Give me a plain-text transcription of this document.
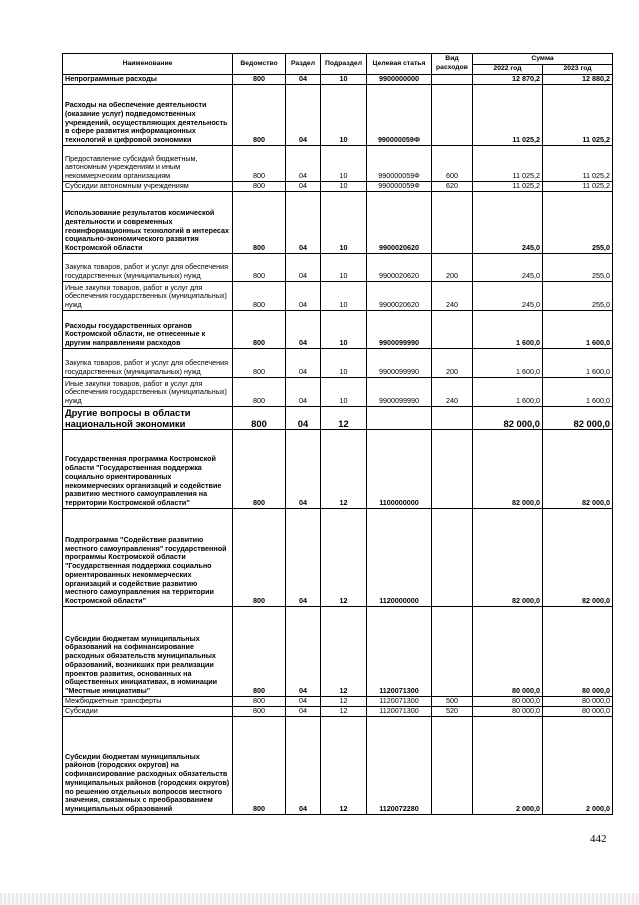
Наименование	Ведомство	Раздел	Подраздел	Целевая статья	Вид расходов	Сумма	
						2022 год	2023 год
Непрограммные расходы	800	04	10	9900000000		12 870,2	12 880,2
Расходы на обеспечение деятельности (оказание услуг) подведомственных учреждений, осуществляющих деятельность в сфере развития информационных технологий и цифровой экономики	800	04	10	990000059Ф		11 025,2	11 025,2
Предоставление субсидий бюджетным, автономным учреждениям и иным некоммерческим организациям	800	04	10	990000059Ф	600	11 025,2	11 025,2
Субсидии автономным учреждениям	800	04	10	990000059Ф	620	11 025,2	11 025,2
Использование результатов космической деятельности и современных геоинформационных технологий в интересах социально-экономического развития Костромской области	800	04	10	9900020620		245,0	255,0
Закупка товаров, работ и услуг для обеспечения государственных (муниципальных) нужд	800	04	10	9900020620	200	245,0	255,0
Иные закупки товаров, работ и услуг для обеспечения государственных (муниципальных) нужд	800	04	10	9900020620	240	245,0	255,0
Расходы государственных органов Костромской области, не отнесенные к другим направлениям расходов	800	04	10	9900099990		1 600,0	1 600,0
Закупка товаров, работ и услуг для обеспечения государственных (муниципальных) нужд	800	04	10	9900099990	200	1 600,0	1 600,0
Иные закупки товаров, работ и услуг для обеспечения государственных (муниципальных) нужд	800	04	10	9900099990	240	1 600,0	1 600,0
Другие вопросы в области национальной экономики	800	04	12			82 000,0	82 000,0
Государственная программа Костромской области "Государственная поддержка социально ориентированных некоммерческих организаций и содействие развитию местного самоуправления на территории Костромской области"	800	04	12	1100000000		82 000,0	82 000,0
Подпрограмма "Содействие развитию местного самоуправления" государственной программы Костромской области "Государственная поддержка социально ориентированных некоммерческих организаций и содействие развитию местного самоуправления на территории Костромской области"	800	04	12	1120000000		82 000,0	82 000,0
Субсидии бюджетам муниципальных образований на софинансирование расходных обязательств муниципальных образований, возникших при реализации проектов развития, основанных на общественных инициативах, в номинации "Местные инициативы"	800	04	12	1120071300		80 000,0	80 000,0
Межбюджетные трансферты	800	04	12	1120071300	500	80 000,0	80 000,0
Субсидии	800	04	12	1120071300	520	80 000,0	80 000,0
Субсидии бюджетам муниципальных районов (городских округов) на софинансирование расходных обязательств муниципальных районов (городских округов) по решению отдельных вопросов местного значения, связанных с преобразованием муниципальных образований	800	04	12	1120072280		2 000,0	2 000,0
442
